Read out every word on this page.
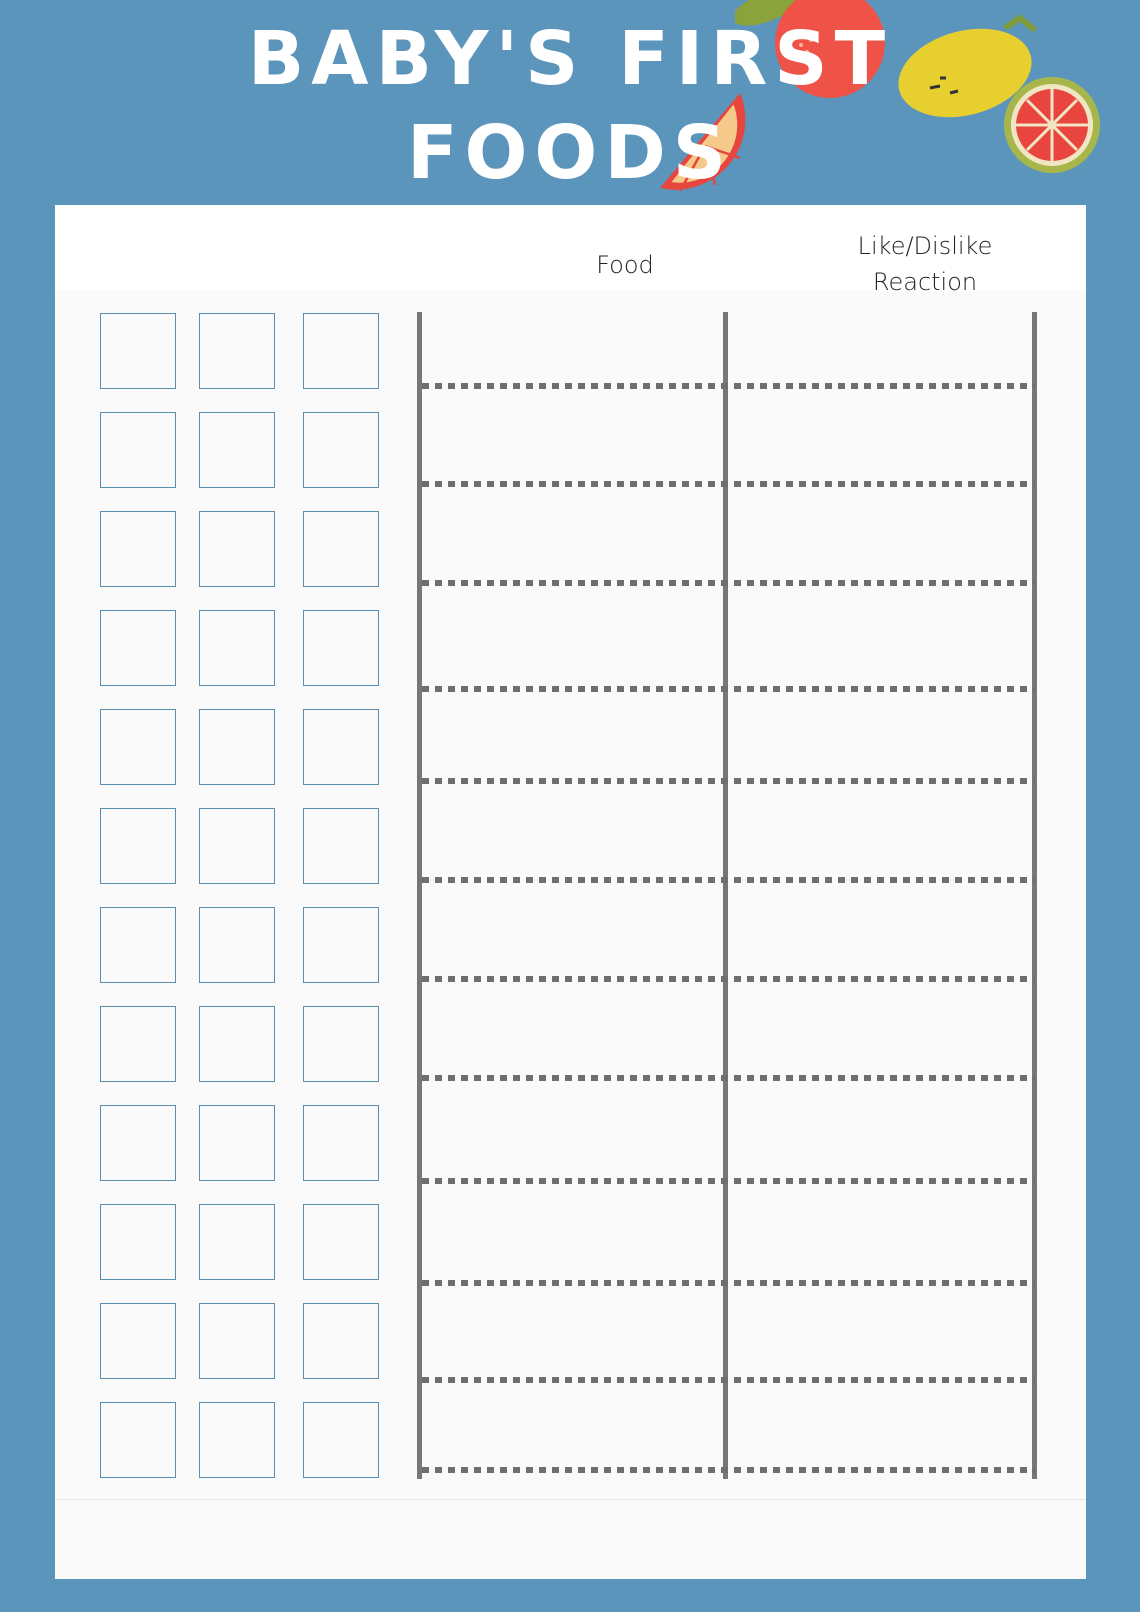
BABY'S FIRST FOODS
Food
Like/Dislike
Reaction
